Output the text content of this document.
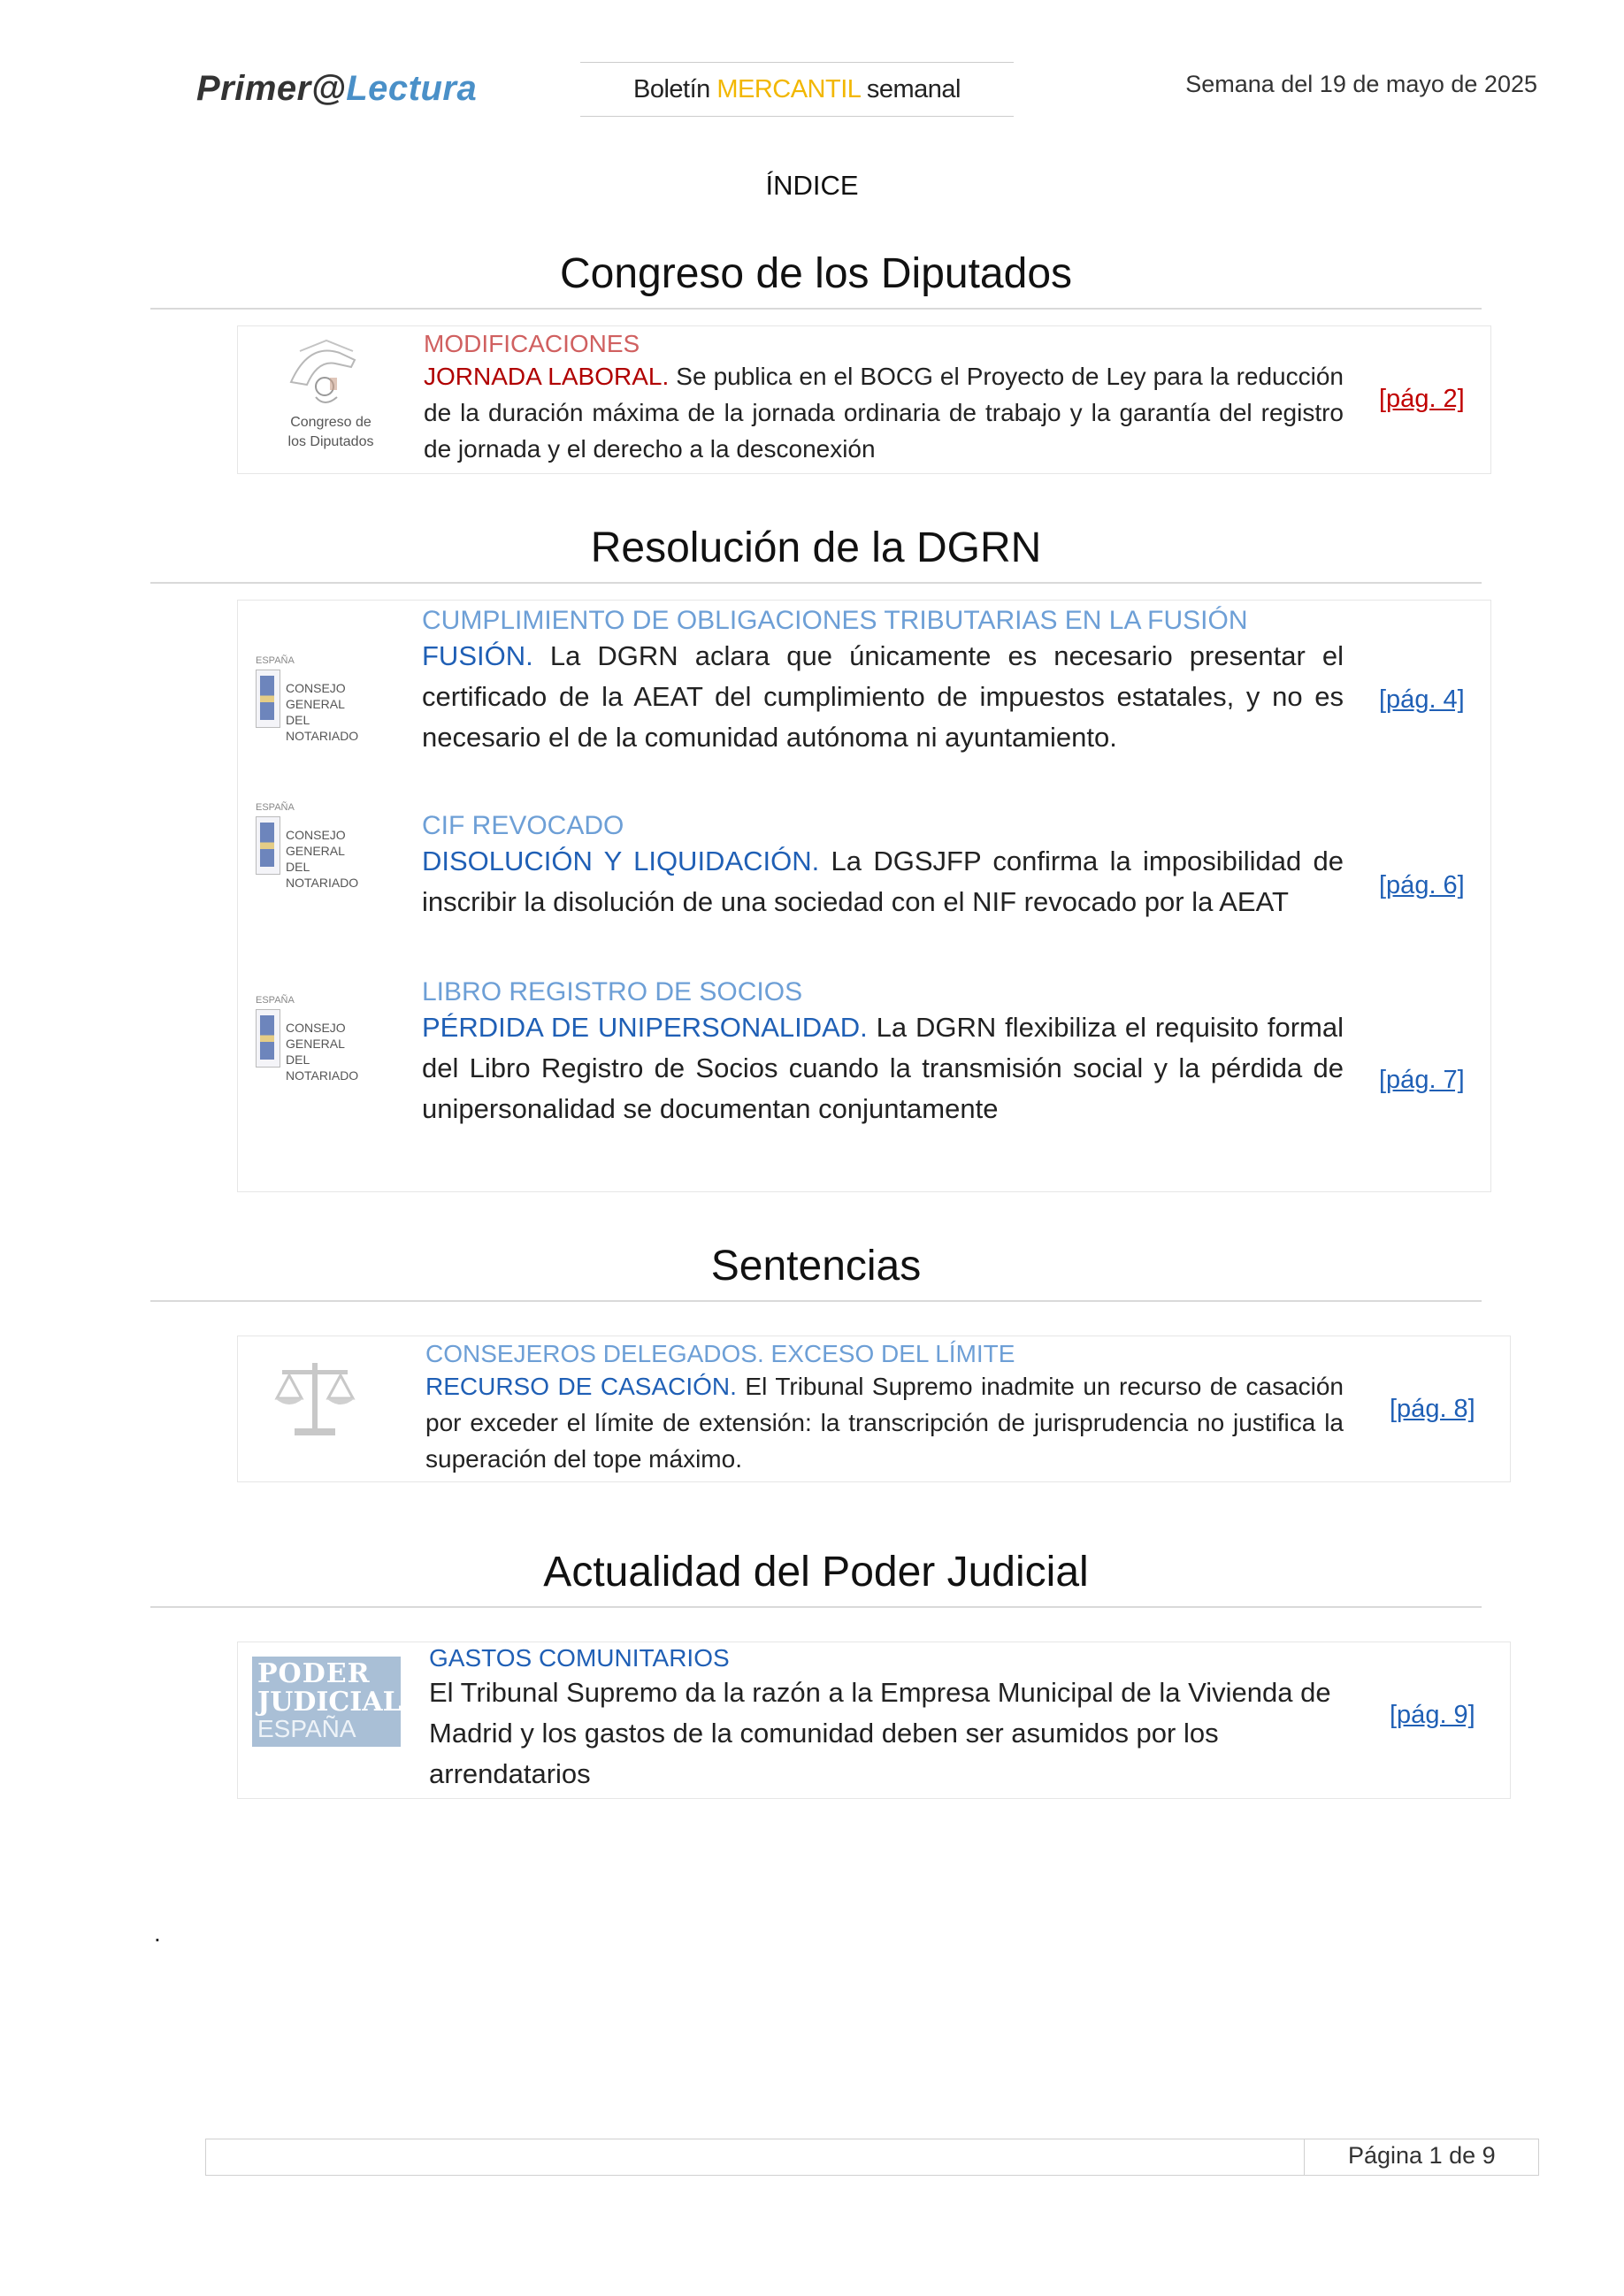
Primer@Lectura	Boletín MERCANTIL semanal	Semana del 19 de mayo de 2025
ÍNDICE
Congreso de los Diputados
Congreso de
los Diputados
MODIFICACIONES
JORNADA LABORAL. Se publica en el BOCG el Proyecto de Ley para la reducción de la duración máxima de la jornada ordinaria de trabajo y la garantía del registro de jornada y el derecho a la desconexión
[pág. 2]
Resolución de la DGRN
ESPAÑA
CONSEJO GENERAL
DEL NOTARIADO
CUMPLIMIENTO DE OBLIGACIONES TRIBUTARIAS EN LA FUSIÓN
FUSIÓN. La DGRN aclara que únicamente es necesario presentar el certificado de la AEAT del cumplimiento de impuestos estatales, y no es necesario el de la comunidad autónoma ni ayuntamiento.
[pág. 4]
ESPAÑA
CONSEJO GENERAL
DEL NOTARIADO
CIF REVOCADO
DISOLUCIÓN Y LIQUIDACIÓN. La DGSJFP confirma la imposibilidad de inscribir la disolución de una sociedad con el NIF revocado por la AEAT
[pág. 6]
ESPAÑA
CONSEJO GENERAL
DEL NOTARIADO
LIBRO REGISTRO DE SOCIOS
PÉRDIDA DE UNIPERSONALIDAD. La DGRN flexibiliza el requisito formal del Libro Registro de Socios cuando la transmisión social y la pérdida de unipersonalidad se documentan conjuntamente
[pág. 7]
Sentencias
CONSEJEROS DELEGADOS. EXCESO DEL LÍMITE
RECURSO DE CASACIÓN. El Tribunal Supremo inadmite un recurso de casación por exceder el límite de extensión: la transcripción de jurisprudencia no justifica la superación del tope máximo.
[pág. 8]
Actualidad del Poder Judicial
PODER
JUDICIAL
ESPAÑA
GASTOS COMUNITARIOS
El Tribunal Supremo da la razón a la Empresa Municipal de la Vivienda de Madrid y los gastos de la comunidad deben ser asumidos por los arrendatarios
[pág. 9]
.
Página 1 de 9
